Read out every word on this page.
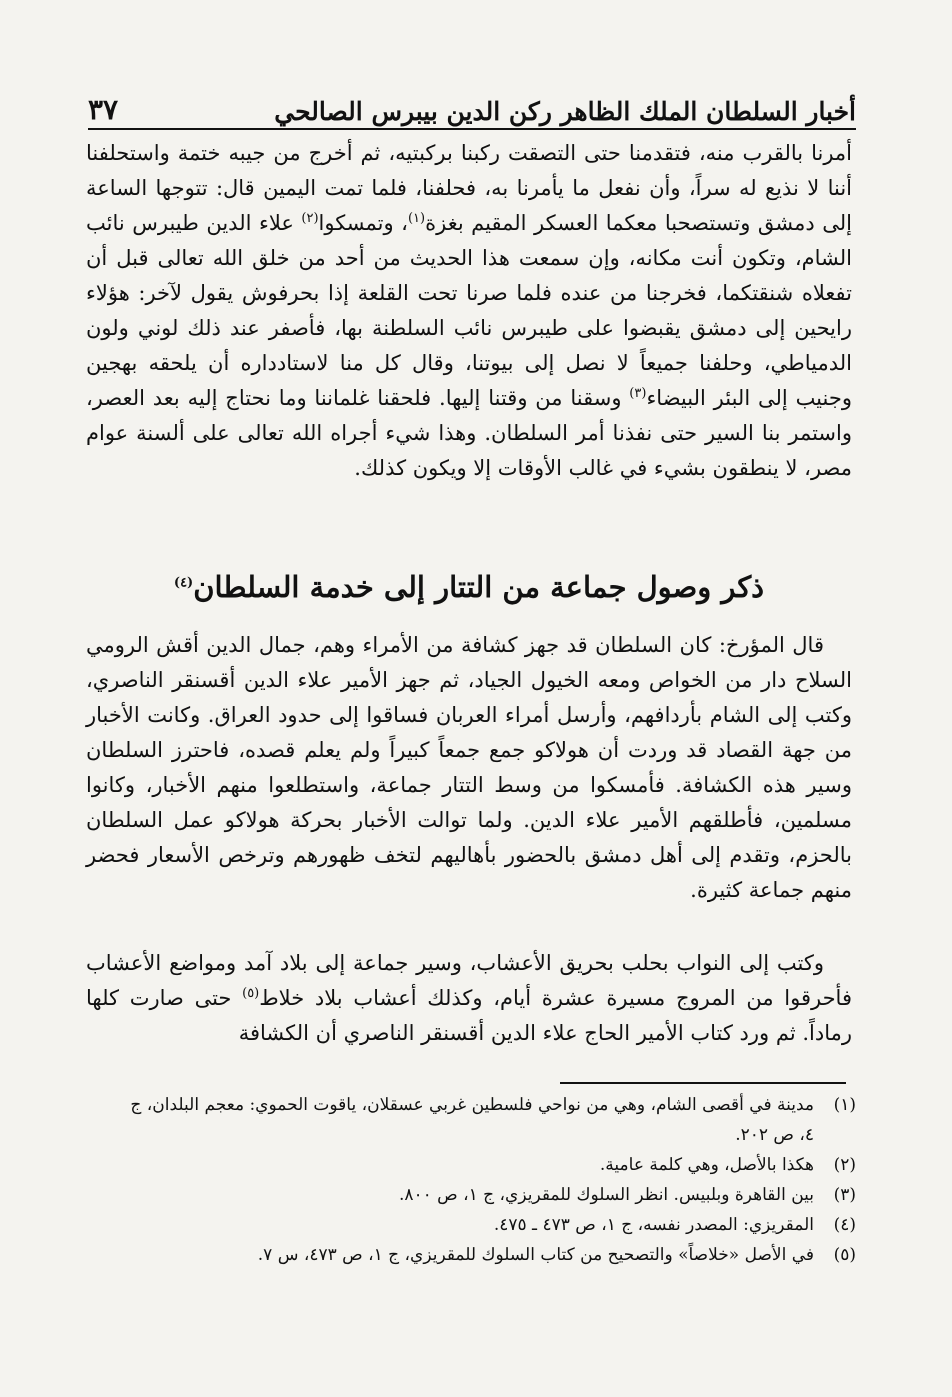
أخبار السلطان الملك الظاهر ركن الدين بيبرس الصالحي
٣٧

أمرنا بالقرب منه، فتقدمنا حتى التصقت ركبنا بركبتيه، ثم أخرج من جيبه ختمة واستحلفنا أننا لا نذيع له سراً، وأن نفعل ما يأمرنا به، فحلفنا، فلما تمت اليمين قال: تتوجها الساعة إلى دمشق وتستصحبا معكما العسكر المقيم بغزة$^{(١)}$، وتمسكوا$^{(٢)}$ علاء الدين طيبرس نائب الشام، وتكون أنت مكانه، وإن سمعت هذا الحديث من أحد من خلق الله تعالى قبل أن تفعلاه شنقتكما، فخرجنا من عنده فلما صرنا تحت القلعة إذا بحرفوش يقول لآخر: هؤلاء رايحين إلى دمشق يقبضوا على طيبرس نائب السلطنة بها، فأصفر عند ذلك لوني ولون الدمياطي، وحلفنا جميعاً لا نصل إلى بيوتنا، وقال كل منا لاستادداره أن يلحقه بهجين وجنيب إلى البئر البيضاء$^{(٣)}$ وسقنا من وقتنا إليها. فلحقنا غلماننا وما نحتاج إليه بعد العصر، واستمر بنا السير حتى نفذنا أمر السلطان. وهذا شيء أجراه الله تعالى على ألسنة عوام مصر، لا ينطقون بشيء في غالب الأوقات إلا ويكون كذلك.

ذكر وصول جماعة من التتار إلى خدمة السلطان$^{(٤)}$

قال المؤرخ: كان السلطان قد جهز كشافة من الأمراء وهم، جمال الدين أقش الرومي السلاح دار من الخواص ومعه الخيول الجياد، ثم جهز الأمير علاء الدين أقسنقر الناصري، وكتب إلى الشام بأردافهم، وأرسل أمراء العربان فساقوا إلى حدود العراق. وكانت الأخبار من جهة القصاد قد وردت أن هولاكو جمع جمعاً كبيراً ولم يعلم قصده، فاحترز السلطان وسير هذه الكشافة. فأمسكوا من وسط التتار جماعة، واستطلعوا منهم الأخبار، وكانوا مسلمين، فأطلقهم الأمير علاء الدين. ولما توالت الأخبار بحركة هولاكو عمل السلطان بالحزم، وتقدم إلى أهل دمشق بالحضور بأهاليهم لتخف ظهورهم وترخص الأسعار فحضر منهم جماعة كثيرة.

وكتب إلى النواب بحلب بحريق الأعشاب، وسير جماعة إلى بلاد آمد ومواضع الأعشاب فأحرقوا من المروج مسيرة عشرة أيام، وكذلك أعشاب بلاد خلاط$^{(٥)}$ حتى صارت كلها رماداً. ثم ورد كتاب الأمير الحاج علاء الدين أقسنقر الناصري أن الكشافة

(١)
مدينة في أقصى الشام، وهي من نواحي فلسطين غربي عسقلان، ياقوت الحموي: معجم البلدان، ج ٤، ص ٢٠٢.
(٢)
هكذا بالأصل، وهي كلمة عامية.
(٣)
بين القاهرة وبلبيس. انظر السلوك للمقريزي، ج ١، ص ٨٠٠.
(٤)
المقريزي: المصدر نفسه، ج ١، ص ٤٧٣ ـ ٤٧٥.
(٥)
في الأصل «خلاصاً» والتصحيح من كتاب السلوك للمقريزي، ج ١، ص ٤٧٣، س ٧.
